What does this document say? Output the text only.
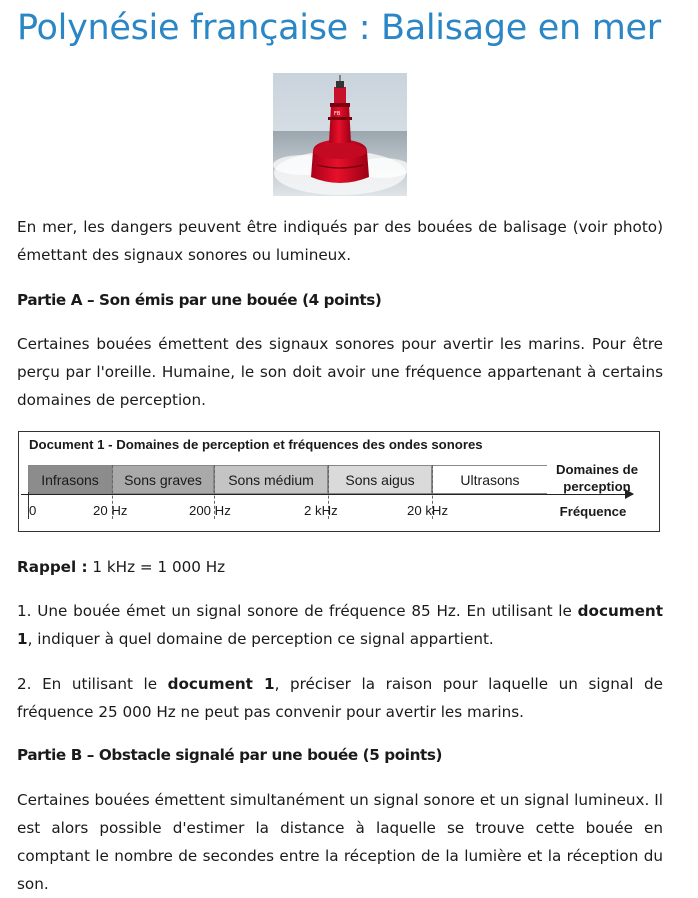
Polynésie française : Balisage en mer
FB

En mer, les dangers peuvent être indiqués par des bouées de balisage (voir photo) émettant des signaux sonores ou lumineux.

Partie A – Son émis par une bouée (4 points)

Certaines bouées émettent des signaux sonores pour avertir les marins. Pour être perçu par l'oreille. Humaine, le son doit avoir une fréquence appartenant à certains domaines de perception.

Document 1 - Domaines de perception et fréquences des ondes sonores
Infrasons Sons graves Sons médium Sons aigus	Ultrasons
0	20 Hz	200 Hz	2 kHz	20 kHz
Domaines de perception
Fréquence

Rappel : 1 kHz = 1 000 Hz

1. Une bouée émet un signal sonore de fréquence 85 Hz. En utilisant le document 1, indiquer à quel domaine de perception ce signal appartient.

2. En utilisant le document 1, préciser la raison pour laquelle un signal de fréquence 25 000 Hz ne peut pas convenir pour avertir les marins.

Partie B – Obstacle signalé par une bouée (5 points)

Certaines bouées émettent simultanément un signal sonore et un signal lumineux. Il est alors possible d'estimer la distance à laquelle se trouve cette bouée en comptant le nombre de secondes entre la réception de la lumière et la réception du son.
